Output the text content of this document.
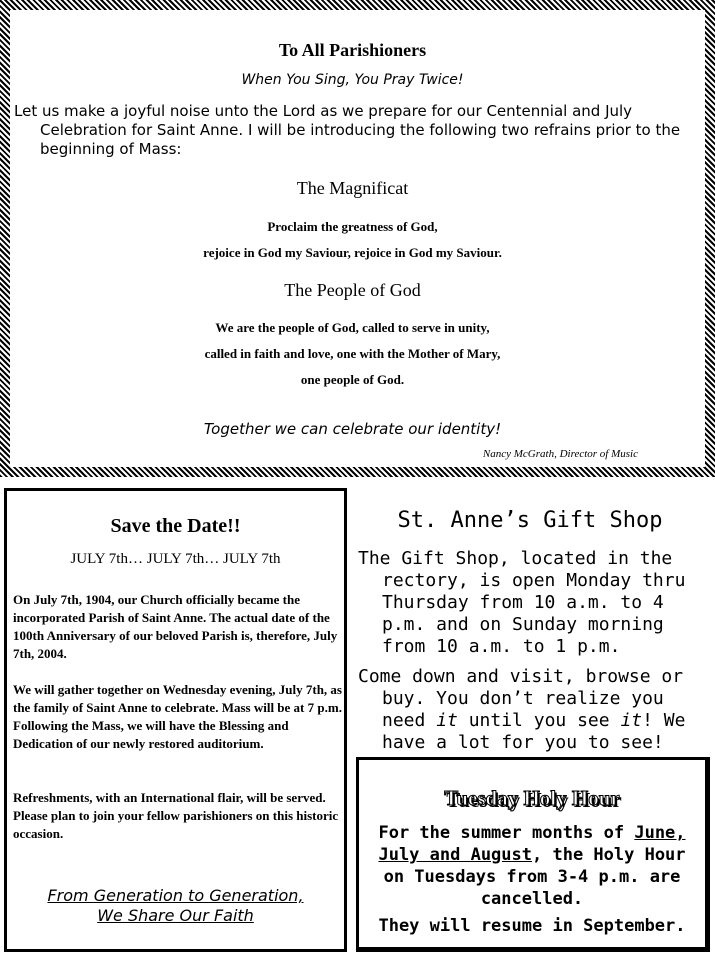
To All Parishioners
When You Sing, You Pray Twice!
Let us make a joyful noise unto the Lord as we prepare for our Centennial and July Celebration for Saint Anne. I will be introducing the following two refrains prior to the beginning of Mass:
The Magnificat
Proclaim the greatness of God,
rejoice in God my Saviour, rejoice in God my Saviour.
The People of God
We are the people of God, called to serve in unity,
called in faith and love, one with the Mother of Mary,
one people of God.
Together we can celebrate our identity!
Nancy McGrath, Director of Music
Save the Date!!
JULY 7th… JULY 7th… JULY 7th
On July 7th, 1904, our Church officially became the incorporated Parish of Saint Anne. The actual date of the 100th Anniversary of our beloved Parish is, therefore, July 7th, 2004.
We will gather together on Wednesday evening, July 7th, as the family of Saint Anne to celebrate. Mass will be at 7 p.m. Following the Mass, we will have the Blessing and Dedication of our newly restored auditorium.
Refreshments, with an International flair, will be served. Please plan to join your fellow parishioners on this historic occasion.
From Generation to Generation,
We Share Our Faith
St. Anne’s Gift Shop
The Gift Shop, located in the rectory, is open Monday thru Thursday from 10 a.m. to 4 p.m. and on Sunday morning from 10 a.m. to 1 p.m.
Come down and visit, browse or buy. You don’t realize you need it until you see it! We have a lot for you to see!
Tuesday Holy Hour
For the summer months of June, July and August, the Holy Hour on Tuesdays from 3-4 p.m. are cancelled.
They will resume in September.
